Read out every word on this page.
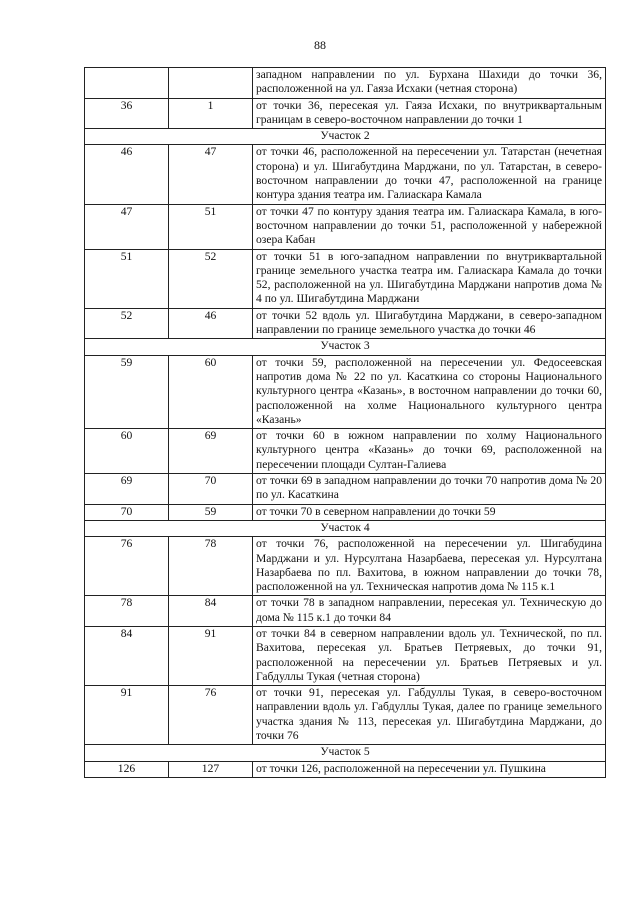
88
		западном направлении по ул. Бурхана Шахиди до точки 36, расположенной на ул. Гаяза Исхаки (четная сторона)
36	1	от точки 36, пересекая ул. Гаяза Исхаки, по внутриквартальным границам в северо-восточном направлении до точки 1
Участок 2		
46	47	от точки 46, расположенной на пересечении ул. Татарстан (нечетная сторона) и ул. Шигабутдина Марджани, по ул. Татарстан, в северо-восточном направлении до точки 47, расположенной на границе контура здания театра им. Галиаскара Камала
47	51	от точки 47 по контуру здания театра им. Галиаскара Камала, в юго-восточном направлении до точки 51, расположенной у набережной озера Кабан
51	52	от точки 51 в юго-западном направлении по внутриквартальной границе земельного участка театра им. Галиаскара Камала до точки 52, расположенной на ул. Шигабутдина Марджани напротив дома № 4 по ул. Шигабутдина Марджани
52	46	от точки 52 вдоль ул. Шигабутдина Марджани, в северо-западном направлении по границе земельного участка до точки 46
Участок 3		
59	60	от точки 59, расположенной на пересечении ул. Федосеевская напротив дома № 22 по ул. Касаткина со стороны Национального культурного центра «Казань», в восточном направлении до точки 60, расположенной на холме Национального культурного центра «Казань»
60	69	от точки 60 в южном направлении по холму Национального культурного центра «Казань» до точки 69, расположенной на пересечении площади Султан-Галиева
69	70	от точки 69 в западном направлении до точки 70 напротив дома № 20 по ул. Касаткина
70	59	от точки 70 в северном направлении до точки 59
Участок 4		
76	78	от точки 76, расположенной на пересечении ул. Шигабудина Марджани и ул. Нурсултана Назарбаева, пересекая ул. Нурсултана Назарбаева по пл. Вахитова, в южном направлении до точки 78, расположенной на ул. Техническая напротив дома № 115 к.1
78	84	от точки 78 в западном направлении, пересекая ул. Техническую до дома № 115 к.1 до точки 84
84	91	от точки 84 в северном направлении вдоль ул. Технической, по пл. Вахитова, пересекая ул. Братьев Петряевых, до точки 91, расположенной на пересечении ул. Братьев Петряевых и ул. Габдуллы Тукая (четная сторона)
91	76	от точки 91, пересекая ул. Габдуллы Тукая, в северо-восточном направлении вдоль ул. Габдуллы Тукая, далее по границе земельного участка здания № 113, пересекая ул. Шигабутдина Марджани, до точки 76
Участок 5		
126	127	от точки 126, расположенной на пересечении ул. Пушкина
